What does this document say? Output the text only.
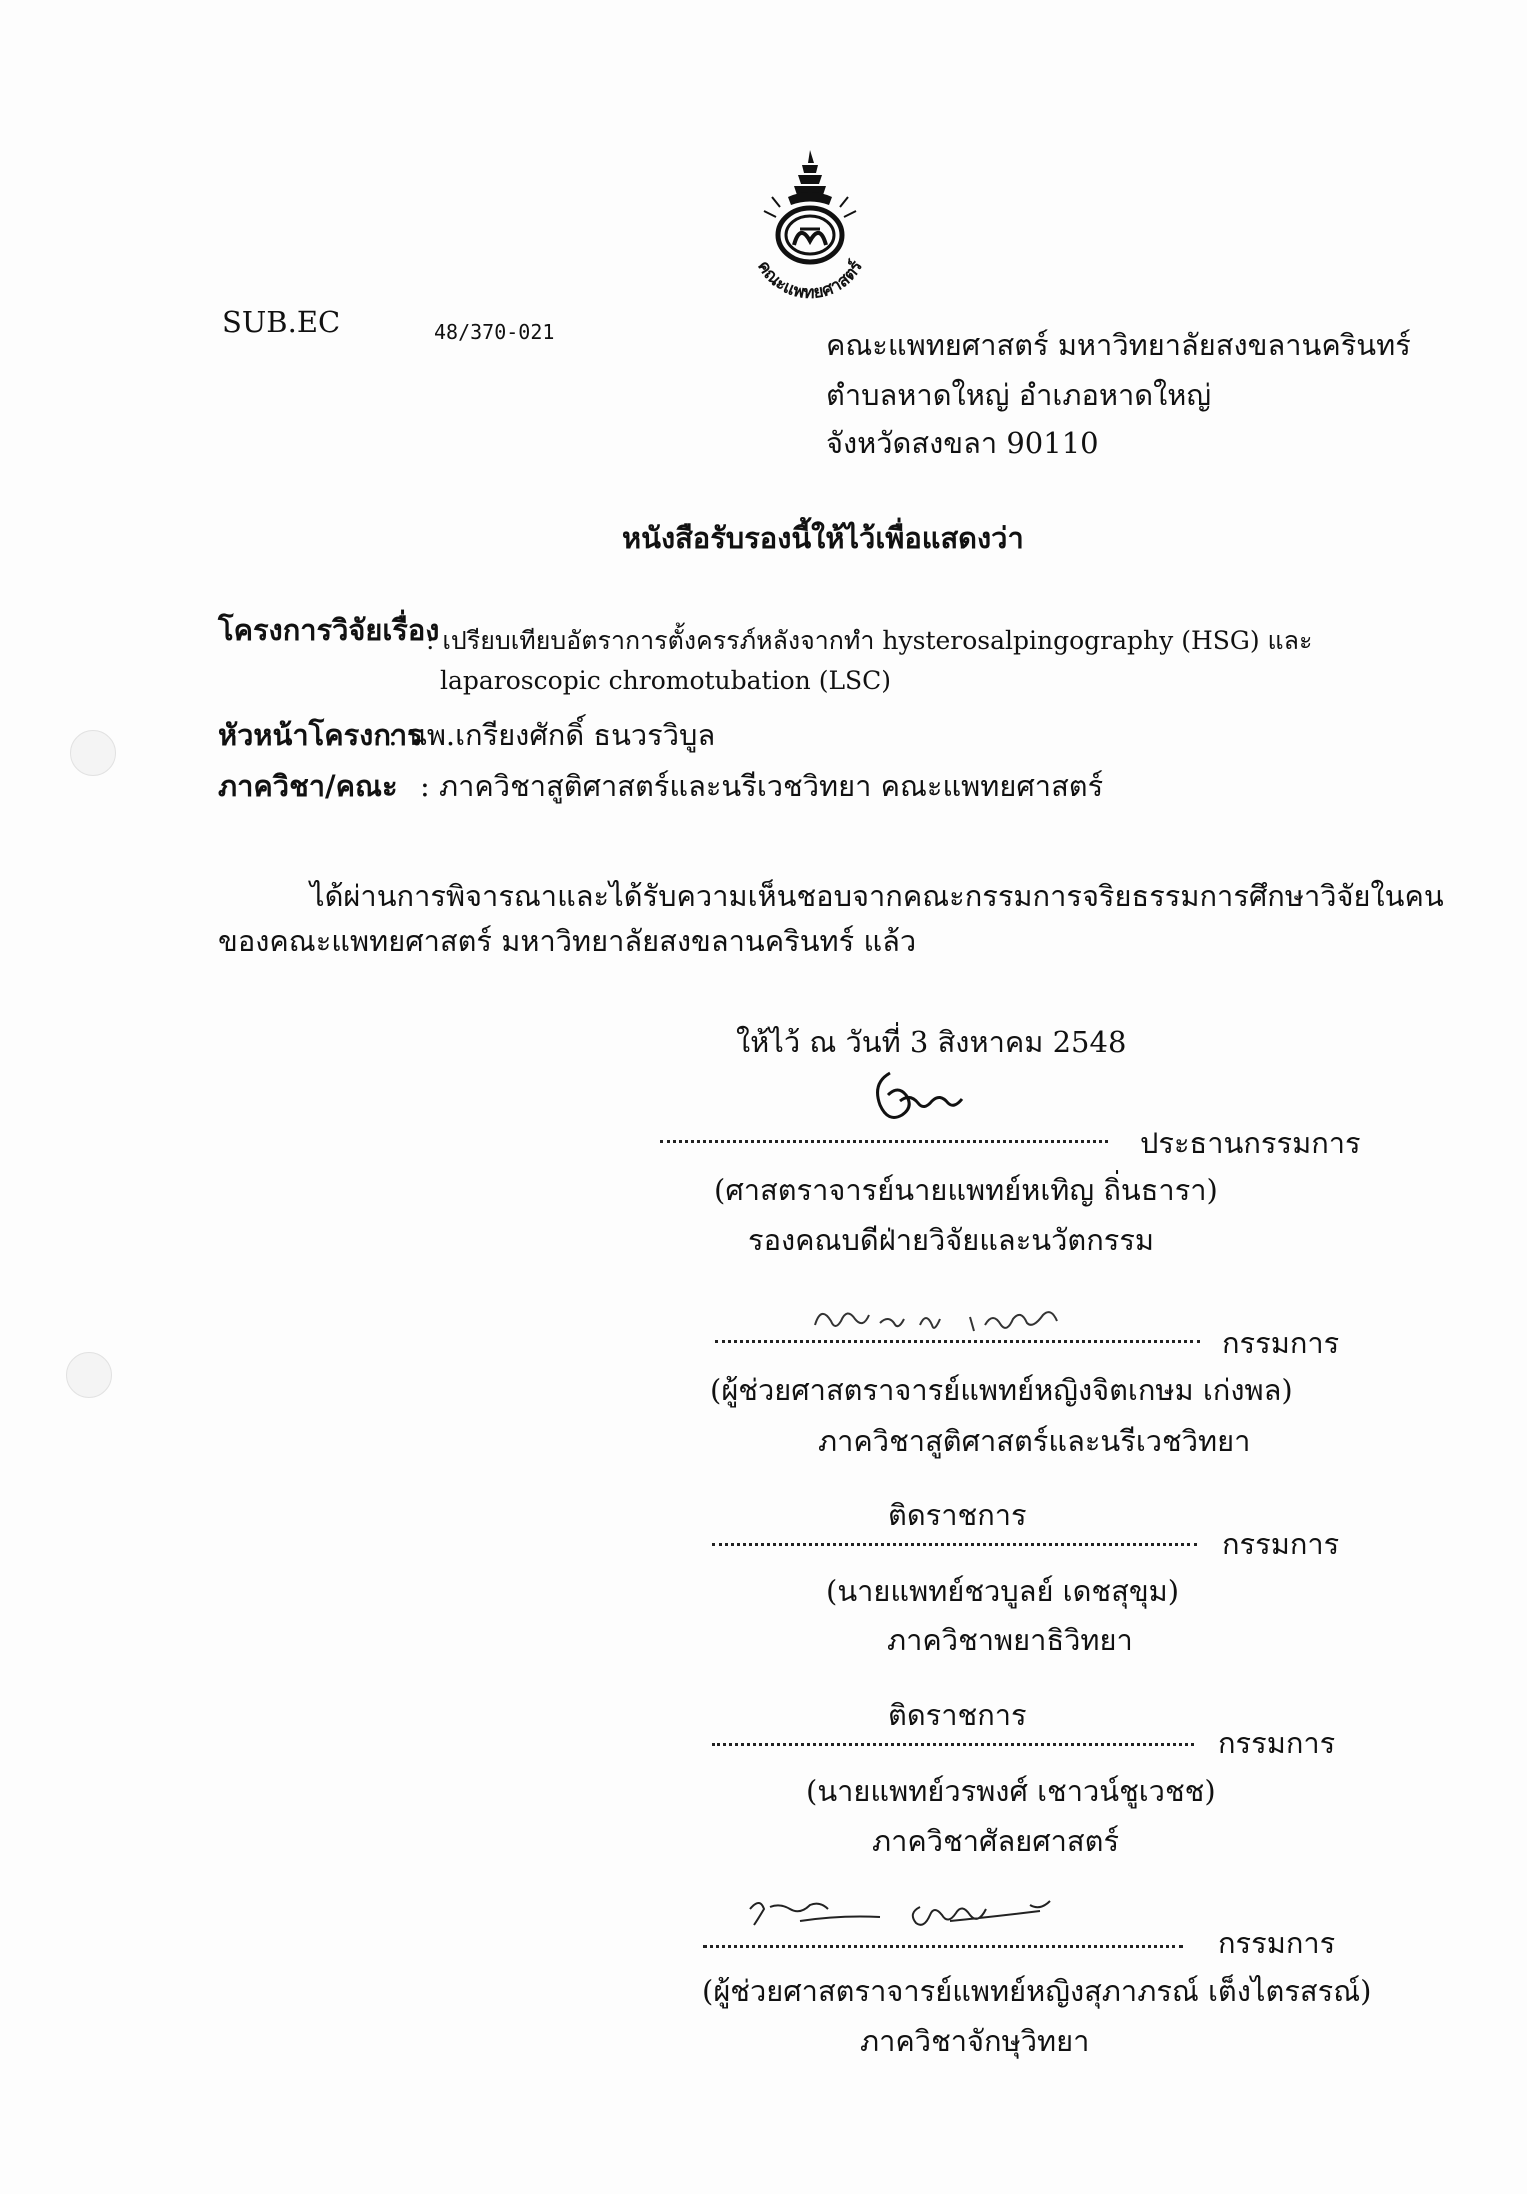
คณะแพทยศาสตร์
SUB.EC	48/370-021	คณะแพทยศาสตร์ มหาวิทยาลัยสงขลานครินทร์
ตำบลหาดใหญ่ อำเภอหาดใหญ่
จังหวัดสงขลา 90110
หนังสือรับรองนี้ให้ไว้เพื่อแสดงว่า
โครงการวิจัยเรื่อง
: เปรียบเทียบอัตราการตั้งครรภ์หลังจากทำ hysterosalpingography (HSG) และ
laparoscopic chromotubation (LSC)
หัวหน้าโครงการ
: นพ.เกรียงศักดิ์ ธนวรวิบูล
ภาควิชา/คณะ : ภาควิชาสูติศาสตร์และนรีเวชวิทยา คณะแพทยศาสตร์
ได้ผ่านการพิจารณาและได้รับความเห็นชอบจากคณะกรรมการจริยธรรมการศึกษาวิจัยในคน
ของคณะแพทยศาสตร์ มหาวิทยาลัยสงขลานครินทร์ แล้ว
ให้ไว้ ณ วันที่ 3 สิงหาคม 2548
ประธานกรรมการ
(ศาสตราจารย์นายแพทย์หเทิญ ถิ่นธารา)
รองคณบดีฝ่ายวิจัยและนวัตกรรม
กรรมการ
(ผู้ช่วยศาสตราจารย์แพทย์หญิงจิตเกษม เก่งพล)
ภาควิชาสูติศาสตร์และนรีเวชวิทยา
ติดราชการ
กรรมการ
(นายแพทย์ชวบูลย์ เดชสุขุม)
ภาควิชาพยาธิวิทยา
ติดราชการ
กรรมการ
(นายแพทย์วรพงศ์ เชาวน์ชูเวชช)
ภาควิชาศัลยศาสตร์
กรรมการ
(ผู้ช่วยศาสตราจารย์แพทย์หญิงสุภาภรณ์ เต็งไตรสรณ์)
ภาควิชาจักษุวิทยา
